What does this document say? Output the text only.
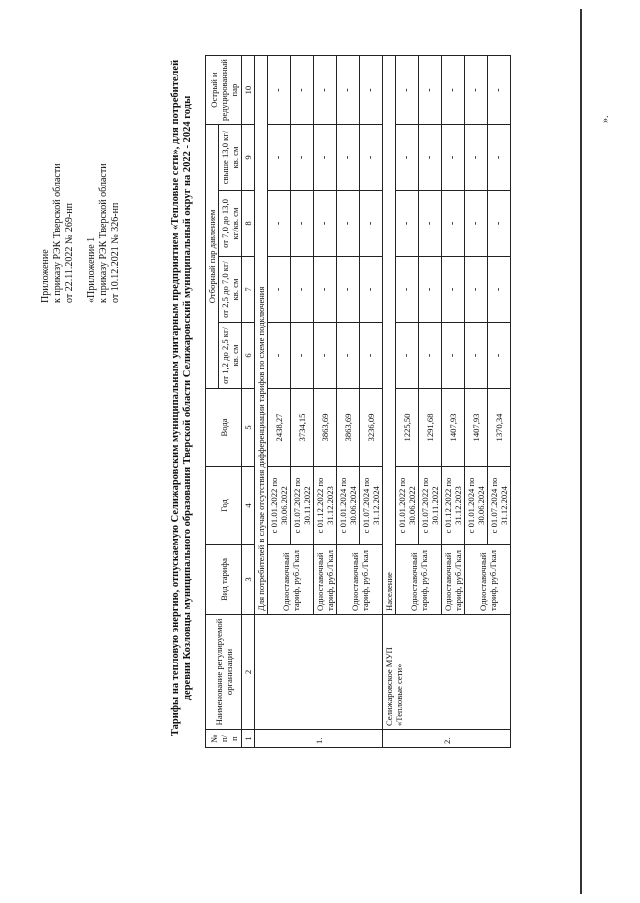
Приложение к приказу РЭК Тверской области от 22.11.2022 № 269-нп «Приложение 1 к приказу РЭК Тверской области от 10.12.2021 № 326-нп	Тарифы на тепловую энергию, отпускаемую Селижаровским муниципальным унитарным предприятием «Тепловые сети», для потребителей деревни Козловцы муниципального образования Тверской области Селижаровский муниципальный округ на 2022 - 2024 годы
№ п/ п	Наименование регулируемой организации	Вид тарифа	Год	Вода	Отборный пар давлением				Острый и редуцированный пар
					от 1,2 до 2,5 кг/кв. см	от 2,5 до 7,0 кг/кв. см	от 7,0 до 13,0 кг/кв. см	свыше 13,0 кг/кв. см	
1	2	3	4	5	6	7	8	9	10
1.		Для потребителей в случае отсутствия дифференциации тарифов по схеме подключения							
		Одноставочный тариф, руб./Гкал	с 01.01.2022 по 30.06.2022	2438,27	-	-	-	-	-
			с 01.07.2022 по 30.11.2022	3734,15	-	-	-	-	-
		Одноставочный тариф, руб./Гкал	с 01.12.2022 по 31.12.2023	3863,69	-	-	-	-	-
		Одноставочный тариф, руб./Гкал	с 01.01.2024 по 30.06.2024	3863,69	-	-	-	-	-
			с 01.07.2024 по 31.12.2024	3236,09	-	-	-	-	-
2.	Селижаровское МУП «Тепловые сети»	Население							
		Одноставочный тариф, руб./Гкал	с 01.01.2022 по 30.06.2022	1225,50	-	-	-	-	-
			с 01.07.2022 по 30.11.2022	1291,68	-	-	-	-	-
		Одноставочный тариф, руб./Гкал	с 01.12.2022 по 31.12.2023	1407,93	-	-	-	-	-
		Одноставочный тариф, руб./Гкал	с 01.01.2024 по 30.06.2024	1407,93	-	-	-	-	-
			с 01.07.2024 по 31.12.2024	1370,34	-	-	-	-	-
».
